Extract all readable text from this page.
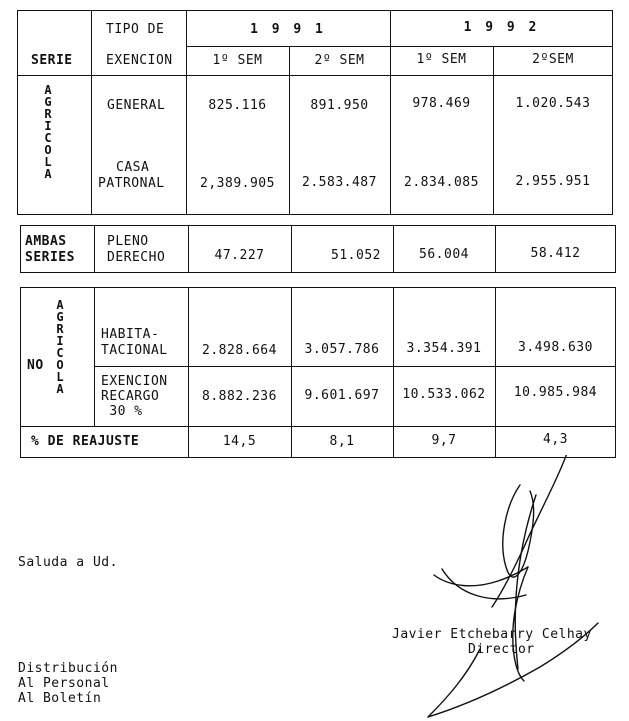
SERIE
TIPO DE
EXENCION
1 9 9 1	1 9 9 2
1º SEM	2º SEM	1º SEM	2ºSEM
AGRICOLA
GENERAL	825.116	891.950	978.469	1.020.543
CASA
PATRONAL	2,389.905	2.583.487	2.834.085	2.955.951
AMBAS
SERIES
PLENO
DERECHO	47.227	51.052	56.004	58.412
NO
AGRICOLA
HABITA-
TACIONAL	2.828.664	3.057.786	3.354.391	3.498.630
EXENCION
RECARGO
30 %
8.882.236	9.601.697	10.533.062	10.985.984
% DE REAJUSTE	14,5	8,1	9,7	4,3
Saluda a Ud.
Javier Etchebarry Celhay
Director
Distribución
Al Personal
Al Boletín
